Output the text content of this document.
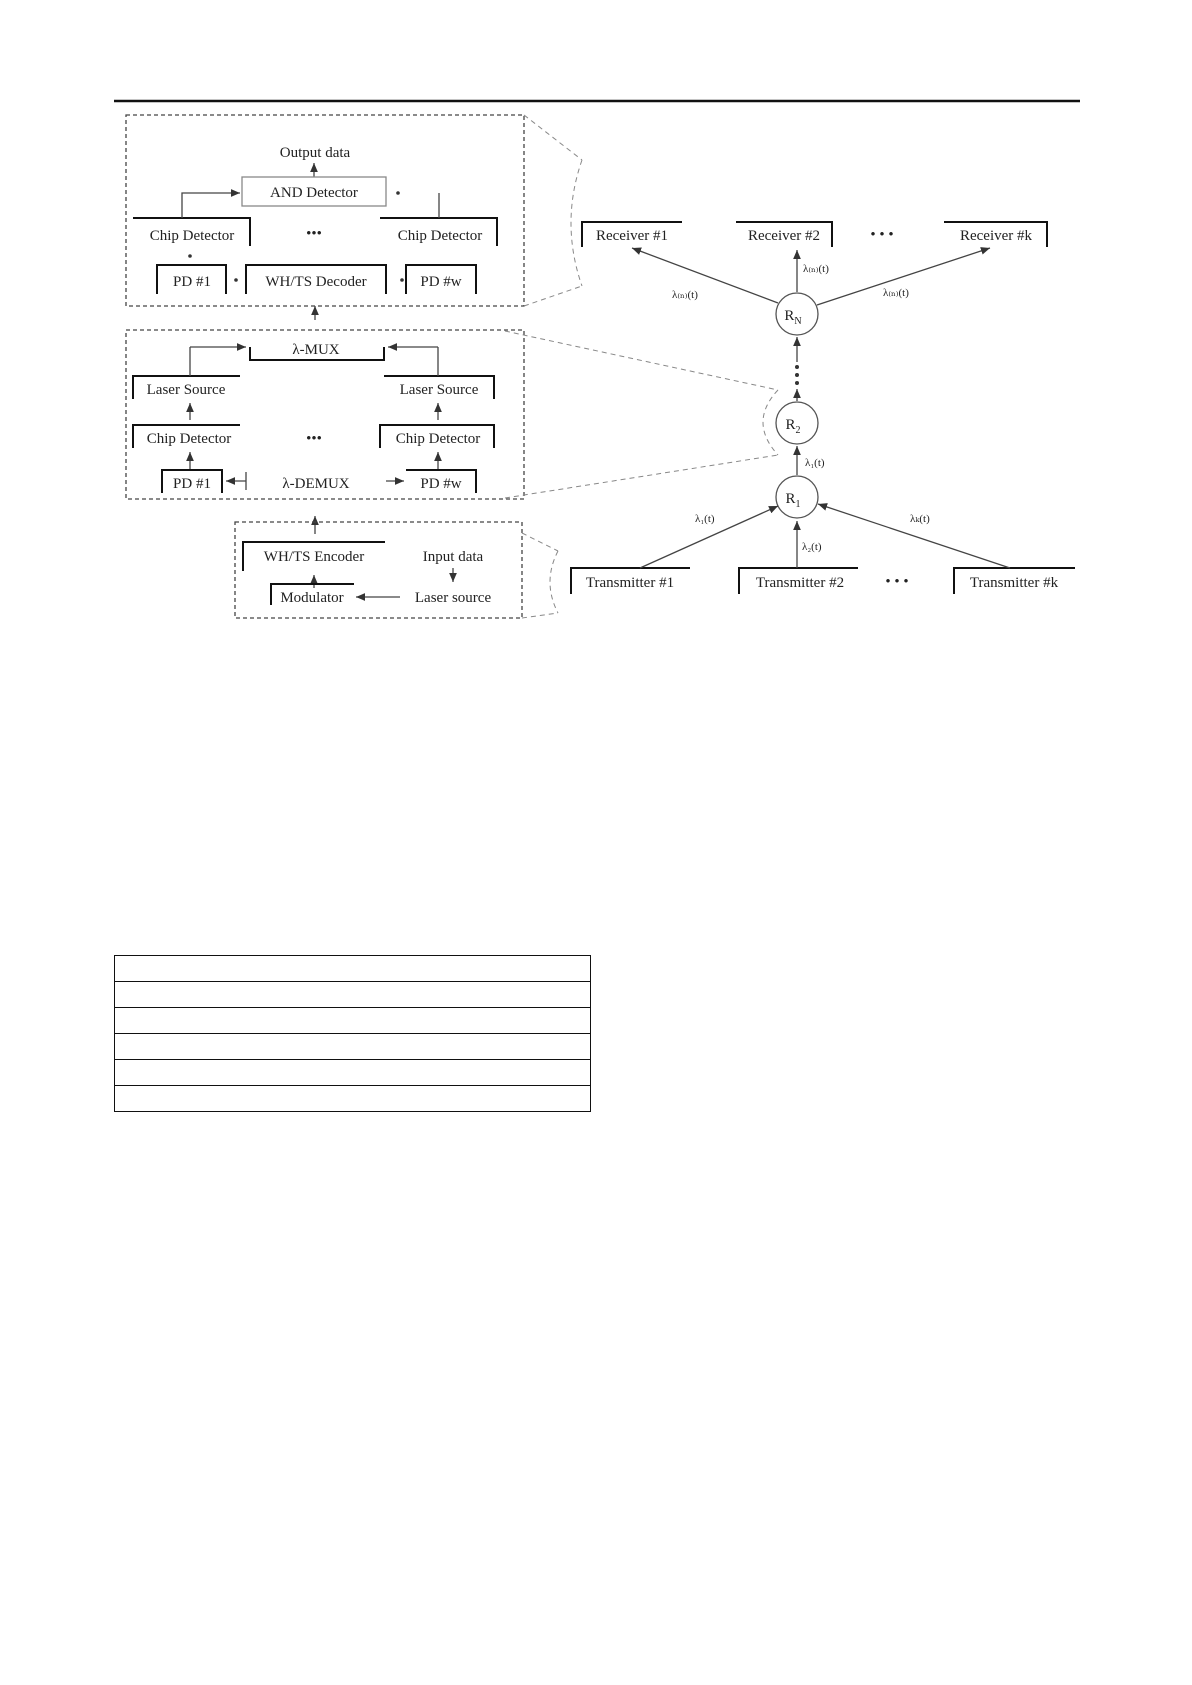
Output data
AND Detector
Chip Detector	•••	Chip Detector
PD #1	WH/TS Decoder	PD #w
λ-MUX
Laser Source	Laser Source
Chip Detector	•••	Chip Detector
PD #1	λ-DEMUX	PD #w
WH/TS Encoder	Input data
Modulator	Laser source
Receiver #1	Receiver #2	• • •	Receiver #k
$R_N$
$R_2$
$R_1$
λ₁(t)
λ₍ₙ₎(t)
λ₍ₙ₎(t)
λ₍ₙ₎(t)
Transmitter #1	Transmitter #2	• • •	Transmitter #k
λ₁(t)
λ₂(t)
λₖ(t)
